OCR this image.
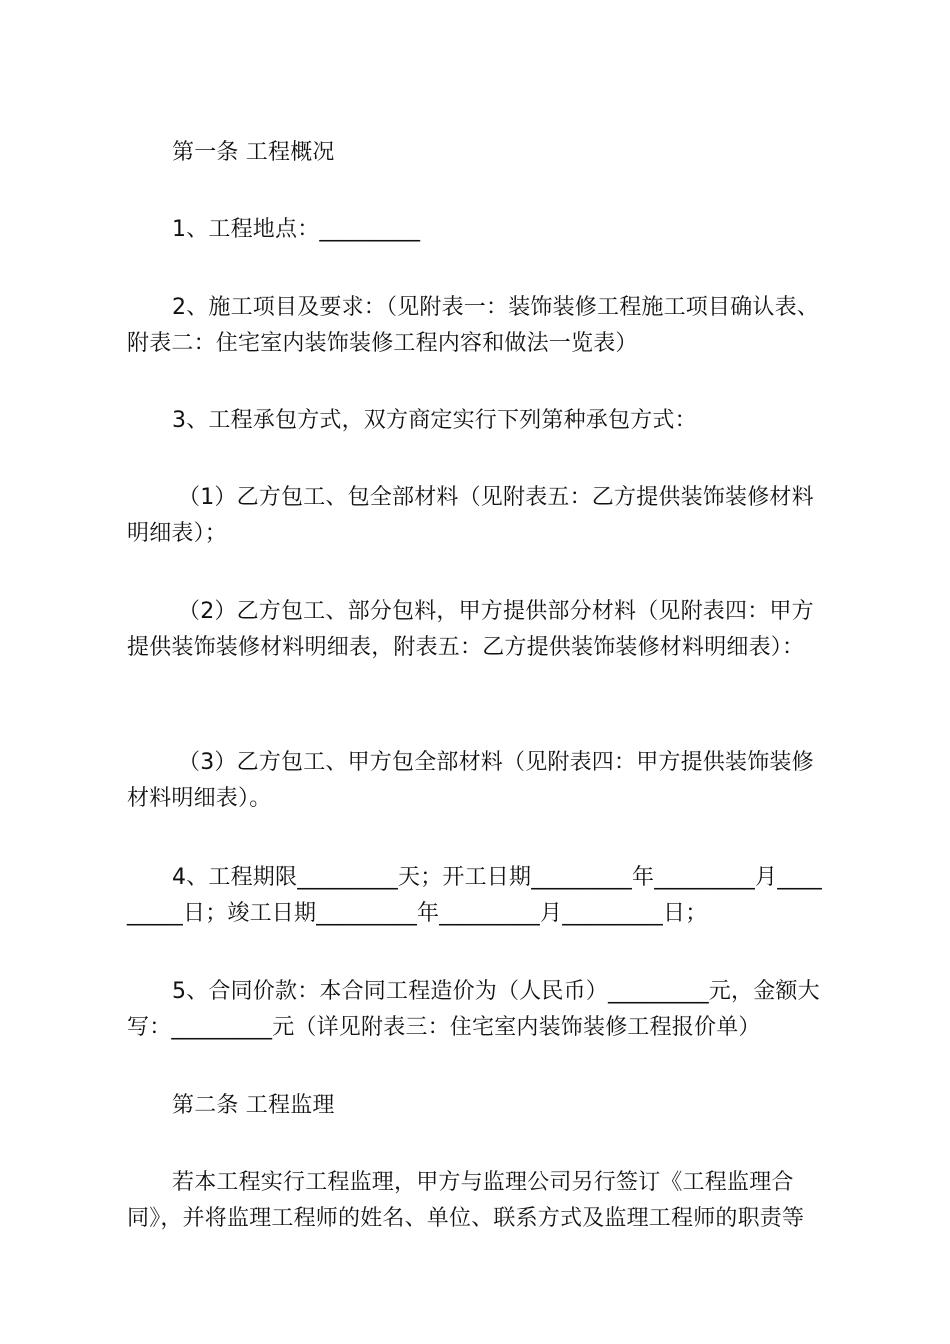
第一条 工程概况
1、工程地点：_________
2、施工项目及要求：（见附表一：装饰装修工程施工项目确认表、
附表二：住宅室内装饰装修工程内容和做法一览表）
3、工程承包方式，双方商定实行下列第种承包方式：
（1）乙方包工、包全部材料（见附表五：乙方提供装饰装修材料
明细表）；
（2）乙方包工、部分包料，甲方提供部分材料（见附表四：甲方
提供装饰装修材料明细表，附表五：乙方提供装饰装修材料明细表）：
（3）乙方包工、甲方包全部材料（见附表四：甲方提供装饰装修
材料明细表）。
4、工程期限_________天；开工日期_________年_________月____
_____日；竣工日期_________年_________月_________日；
5、合同价款：本合同工程造价为（人民币）_________元，金额大
写：_________元（详见附表三：住宅室内装饰装修工程报价单）
第二条 工程监理
若本工程实行工程监理，甲方与监理公司另行签订《工程监理合
同》，并将监理工程师的姓名、单位、联系方式及监理工程师的职责等
